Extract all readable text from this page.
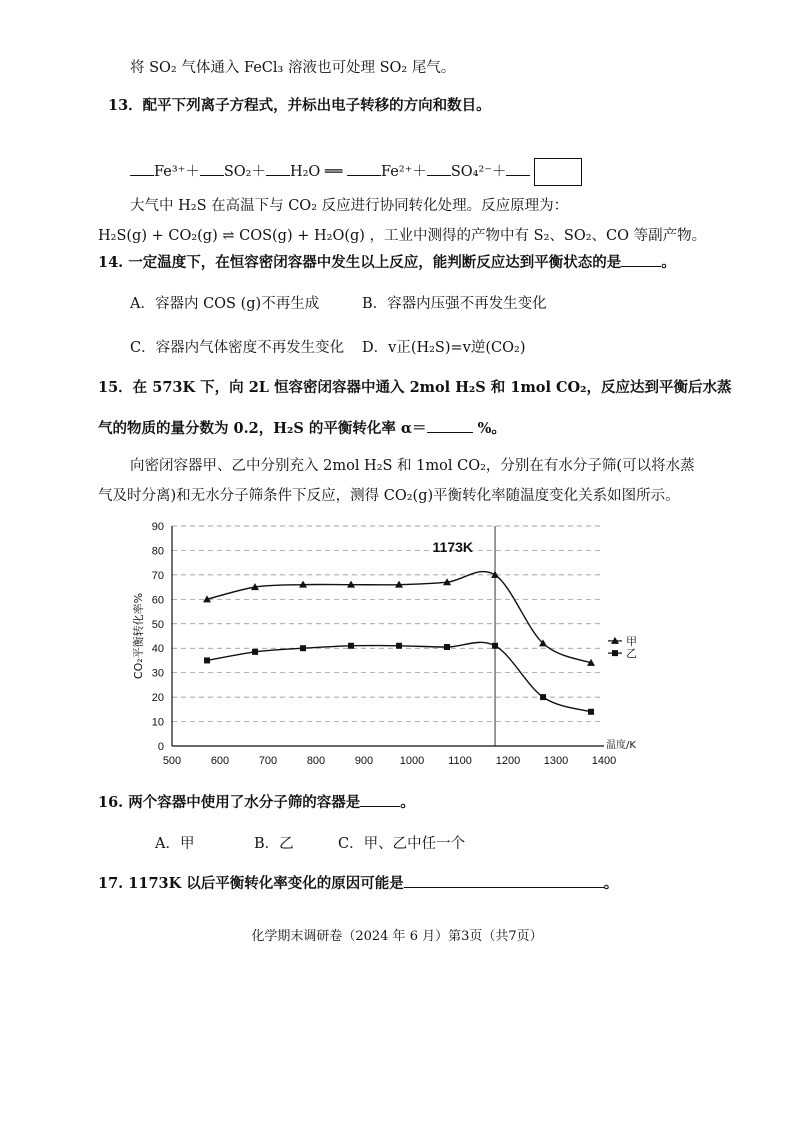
将 SO₂ 气体通入 FeCl₃ 溶液也可处理 SO₂ 尾气。
13．配平下列离子方程式，并标出电子转移的方向和数目。
Fe³⁺＋ SO₂＋ H₂O ══	Fe²⁺＋ SO₄²⁻＋
大气中 H₂S 在高温下与 CO₂ 反应进行协同转化处理。反应原理为：
H₂S(g) + CO₂(g) ⇌ COS(g) + H₂O(g) ，工业中测得的产物中有 S₂、SO₂、CO 等副产物。
14. 一定温度下，在恒容密闭容器中发生以上反应，能判断反应达到平衡状态的是	。
A．容器内 COS (g)不再生成	B．容器内压强不再发生变化
C．容器内气体密度不再发生变化 D．v正(H₂S)=v逆(CO₂)
15．在 573K 下，向 2L 恒容密闭容器中通入 2mol H₂S 和 1mol CO₂，反应达到平衡后水蒸
气的物质的量分数为 0.2，H₂S 的平衡转化率 α＝	%。
向密闭容器甲、乙中分别充入 2mol H₂S 和 1mol CO₂，分别在有水分子筛(可以将水蒸
气及时分离)和无水分子筛条件下反应，测得 CO₂(g)平衡转化率随温度变化关系如图所示。
甲
乙
0
10
20
30
40
50
60
70
80
90
500	600	700	800	900 1000 1100 1200 1300 1400
1173K
CO₂平衡转化率%
温度/K
16. 两个容器中使用了水分子筛的容器是	。
A．甲	B．乙	C．甲、乙中任一个
17. 1173K 以后平衡转化率变化的原因可能是	。
化学期末调研卷（2024 年 6 月）第3页（共7页）
